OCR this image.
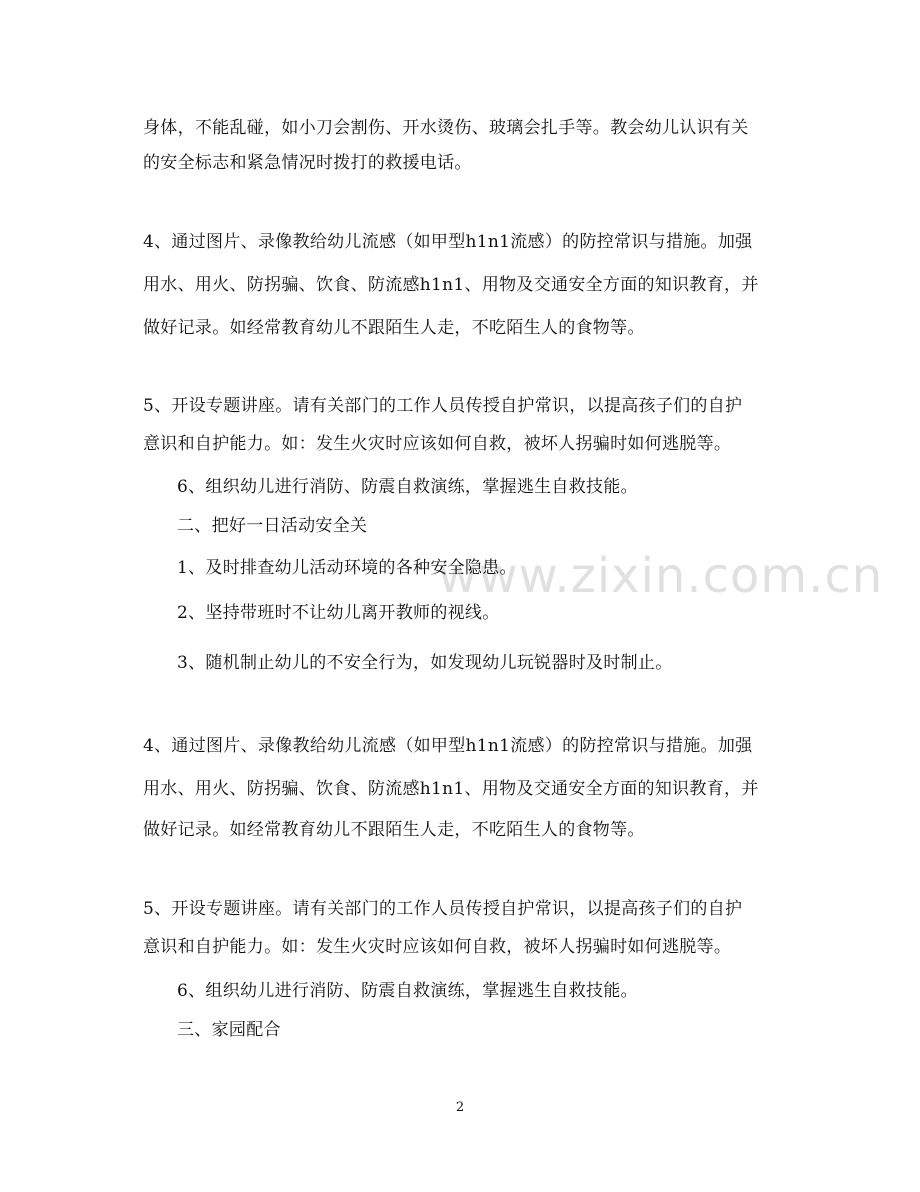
身体，不能乱碰，如小刀会割伤、开水烫伤、玻璃会扎手等。教会幼儿认识有关
的安全标志和紧急情况时拨打的救援电话。
4、通过图片、录像教给幼儿流感（如甲型h1n1流感）的防控常识与措施。加强
用水、用火、防拐骗、饮食、防流感h1n1、用物及交通安全方面的知识教育，并
做好记录。如经常教育幼儿不跟陌生人走，不吃陌生人的食物等。
5、开设专题讲座。请有关部门的工作人员传授自护常识，以提高孩子们的自护
意识和自护能力。如：发生火灾时应该如何自救，被坏人拐骗时如何逃脱等。
6、组织幼儿进行消防、防震自救演练，掌握逃生自救技能。
二、把好一日活动安全关
1、及时排查幼儿活动环境的各种安全隐患。
2、坚持带班时不让幼儿离开教师的视线。
3、随机制止幼儿的不安全行为，如发现幼儿玩锐器时及时制止。
4、通过图片、录像教给幼儿流感（如甲型h1n1流感）的防控常识与措施。加强
用水、用火、防拐骗、饮食、防流感h1n1、用物及交通安全方面的知识教育，并
做好记录。如经常教育幼儿不跟陌生人走，不吃陌生人的食物等。
5、开设专题讲座。请有关部门的工作人员传授自护常识，以提高孩子们的自护
意识和自护能力。如：发生火灾时应该如何自救，被坏人拐骗时如何逃脱等。
6、组织幼儿进行消防、防震自救演练，掌握逃生自救技能。
三、家园配合
www.zixin.com.cn
2
